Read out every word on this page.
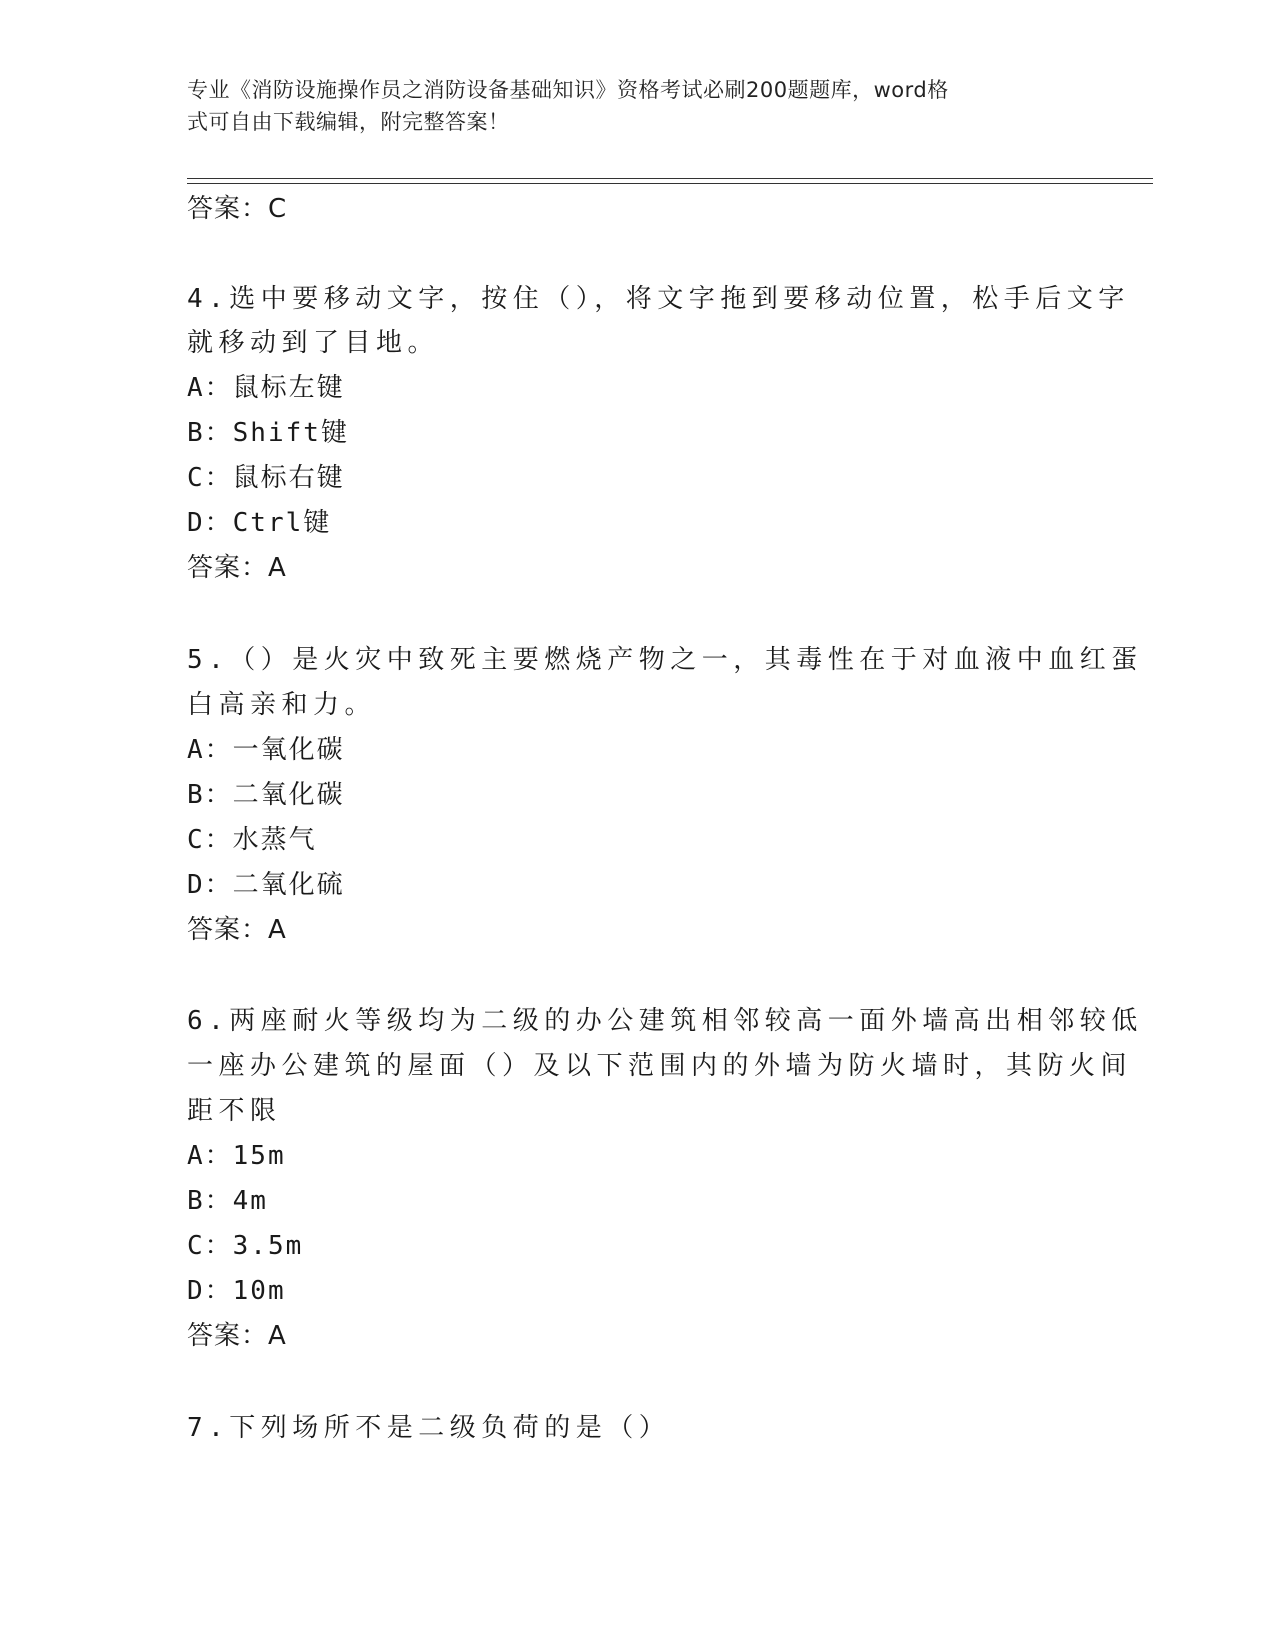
专业《消防设施操作员之消防设备基础知识》资格考试必刷200题题库，word格
式可自由下载编辑，附完整答案！
答案：C
4.选中要移动文字，按住（），将文字拖到要移动位置，松手后文字
就移动到了目地。
A：鼠标左键
B：Shift键
C：鼠标右键
D：Ctrl键
答案：A
5.（）是火灾中致死主要燃烧产物之一，其毒性在于对血液中血红蛋
白高亲和力。
A：一氧化碳
B：二氧化碳
C：水蒸气
D：二氧化硫
答案：A
6.两座耐火等级均为二级的办公建筑相邻较高一面外墙高出相邻较低
一座办公建筑的屋面（）及以下范围内的外墙为防火墙时，其防火间
距不限
A：15m
B：4m
C：3.5m
D：10m
答案：A
7.下列场所不是二级负荷的是（）
